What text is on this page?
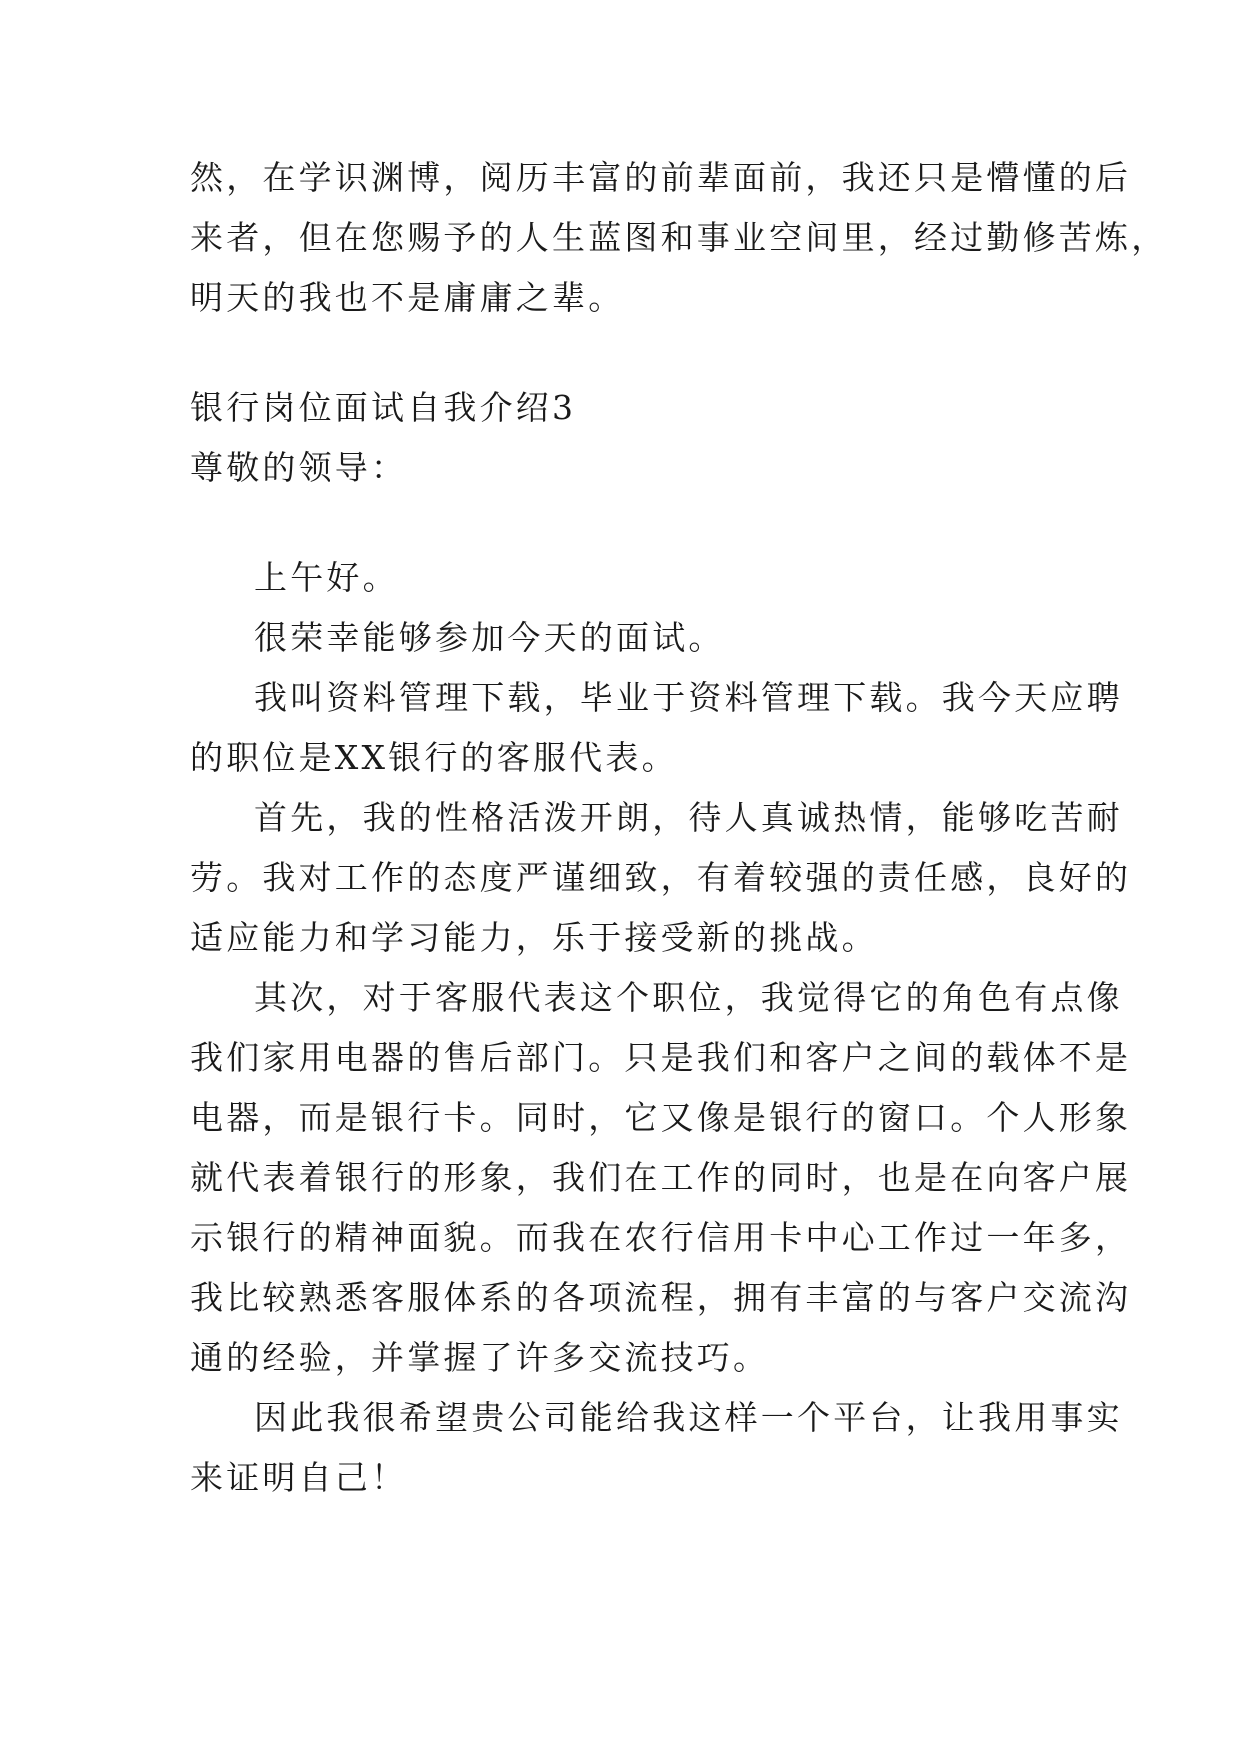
然，在学识渊博，阅历丰富的前辈面前，我还只是懵懂的后
来者，但在您赐予的人生蓝图和事业空间里，经过勤修苦炼，
明天的我也不是庸庸之辈。
银行岗位面试自我介绍3
尊敬的领导：
上午好。
很荣幸能够参加今天的面试。
我叫资料管理下载，毕业于资料管理下载。我今天应聘
的职位是XX银行的客服代表。
首先，我的性格活泼开朗，待人真诚热情，能够吃苦耐
劳。我对工作的态度严谨细致，有着较强的责任感，良好的
适应能力和学习能力，乐于接受新的挑战。
其次，对于客服代表这个职位，我觉得它的角色有点像
我们家用电器的售后部门。只是我们和客户之间的载体不是
电器，而是银行卡。同时，它又像是银行的窗口。个人形象
就代表着银行的形象，我们在工作的同时，也是在向客户展
示银行的精神面貌。而我在农行信用卡中心工作过一年多，
我比较熟悉客服体系的各项流程，拥有丰富的与客户交流沟
通的经验，并掌握了许多交流技巧。
因此我很希望贵公司能给我这样一个平台，让我用事实
来证明自己！
